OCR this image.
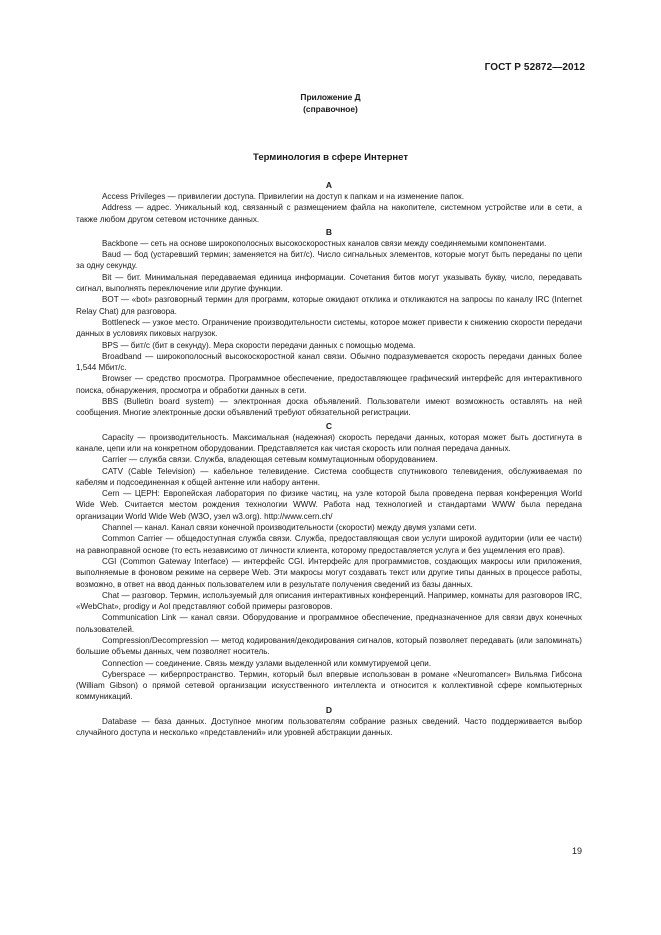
ГОСТ Р 52872—2012
Приложение Д
(справочное)
Терминология в сфере Интернет
A

Access Privileges — привилегии доступа. Привилегии на доступ к папкам и на изменение папок.

Address — адрес. Уникальный код, связанный с размещением файла на накопителе, системном устройстве или в сети, а также любом другом сетевом источнике данных.

B

Backbone — сеть на основе широкополосных высокоскоростных каналов связи между соединяемыми компонентами.

Baud — бод (устаревший термин; заменяется на бит/с). Число сигнальных элементов, которые могут быть переданы по цепи за одну секунду.

Bit — бит. Минимальная передаваемая единица информации. Сочетания битов могут указывать букву, число, передавать сигнал, выполнять переключение или другие функции.

BOT — «bot» разговорный термин для программ, которые ожидают отклика и откликаются на запросы по каналу IRC (Internet Relay Chat) для разговора.

Bottleneck — узкое место. Ограничение производительности системы, которое может привести к снижению скорости передачи данных в условиях пиковых нагрузок.

BPS — бит/с (бит в секунду). Мера скорости передачи данных с помощью модема.

Broadband — широкополосный высокоскоростной канал связи. Обычно подразумевается скорость передачи данных более 1,544 Мбит/с.

Browser — средство просмотра. Программное обеспечение, предоставляющее графический интерфейс для интерактивного поиска, обнаружения, просмотра и обработки данных в сети.

BBS (Bulletin board system) — электронная доска объявлений. Пользователи имеют возможность оставлять на ней сообщения. Многие электронные доски объявлений требуют обязательной регистрации.

C

Capacity — производительность. Максимальная (надежная) скорость передачи данных, которая может быть достигнута в канале, цепи или на конкретном оборудовании. Представляется как чистая скорость или полная передача данных.

Carrier — служба связи. Служба, владеющая сетевым коммутационным оборудованием.

CATV (Cable Television) — кабельное телевидение. Система сообществ спутникового телевидения, обслуживаемая по кабелям и подсоединенная к общей антенне или набору антенн.

Cern — ЦЕРН: Европейская лаборатория по физике частиц, на узле которой была проведена первая конференция World Wide Web. Считается местом рождения технологии WWW. Работа над технологией и стандартами WWW была передана организации World Wide Web (W3O, узел w3.org). http://www.cern.ch/

Channel — канал. Канал связи конечной производительности (скорости) между двумя узлами сети.

Common Carrier — общедоступная служба связи. Служба, предоставляющая свои услуги широкой аудитории (или ее части) на равноправной основе (то есть независимо от личности клиента, которому предоставляется услуга и без ущемления его прав).

CGI (Common Gateway Interface) — интерфейс CGI. Интерфейс для программистов, создающих макросы или приложения, выполняемые в фоновом режиме на сервере Web. Эти макросы могут создавать текст или другие типы данных в процессе работы, возможно, в ответ на ввод данных пользователем или в результате получения сведений из базы данных.

Chat — разговор. Термин, используемый для описания интерактивных конференций. Например, комнаты для разговоров IRC, «WebChat», prodigy и Aol представляют собой примеры разговоров.

Communication Link — канал связи. Оборудование и программное обеспечение, предназначенное для связи двух конечных пользователей.

Compression/Decompression — метод кодирования/декодирования сигналов, который позволяет передавать (или запоминать) большие объемы данных, чем позволяет носитель.

Connection — соединение. Связь между узлами выделенной или коммутируемой цепи.

Cyberspace — киберпространство. Термин, который был впервые использован в романе «Neuromancer» Вильяма Гибсона (William Gibson) о прямой сетевой организации искусственного интеллекта и относится к коллективной сфере компьютерных коммуникаций.

D

Database — база данных. Доступное многим пользователям собрание разных сведений. Часто поддерживается выбор случайного доступа и несколько «представлений» или уровней абстракции данных.

19
